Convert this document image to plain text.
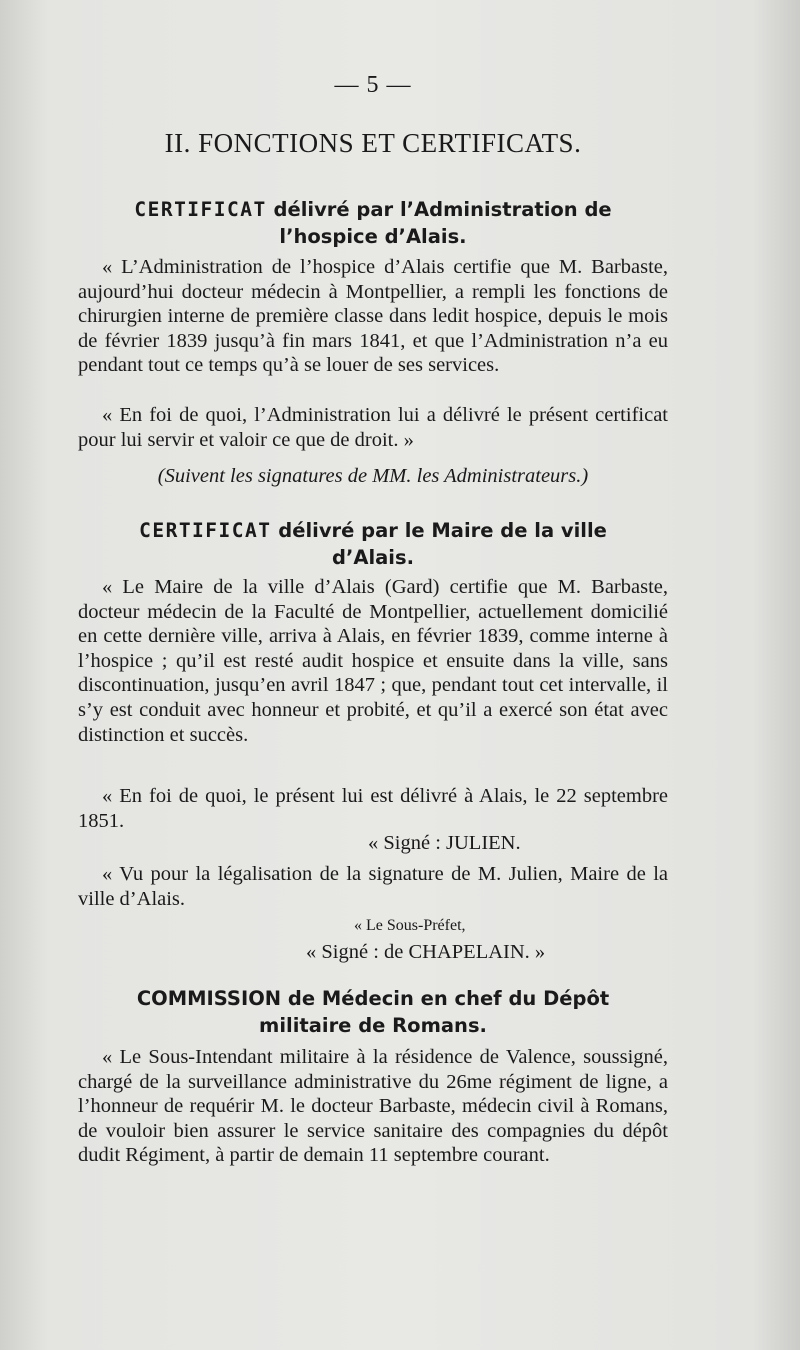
— 5 —
II. FONCTIONS ET CERTIFICATS.
CERTIFICAT délivré par l’Administration de
l’hospice d’Alais.

« L’Administration de l’hospice d’Alais certifie que M. Barbaste, aujourd’hui docteur médecin à Montpellier, a rempli les fonctions de chirurgien interne de première classe dans ledit hospice, depuis le mois de février 1839 jusqu’à fin mars 1841, et que l’Administration n’a eu pendant tout ce temps qu’à se louer de ses services.

« En foi de quoi, l’Administration lui a délivré le présent certificat pour lui servir et valoir ce que de droit. »

(Suivent les signatures de MM. les Administrateurs.)

CERTIFICAT délivré par le Maire de la ville
d’Alais.

« Le Maire de la ville d’Alais (Gard) certifie que M. Barbaste, docteur médecin de la Faculté de Montpellier, actuellement domicilié en cette dernière ville, arriva à Alais, en février 1839, comme interne à l’hospice ; qu’il est resté audit hospice et ensuite dans la ville, sans discontinuation, jusqu’en avril 1847 ; que, pendant tout cet intervalle, il s’y est conduit avec honneur et probité, et qu’il a exercé son état avec distinction et succès.

« En foi de quoi, le présent lui est délivré à Alais, le 22 septembre 1851.

« Signé : JULIEN.

« Vu pour la légalisation de la signature de M. Julien, Maire de la ville d’Alais.

« Le Sous-Préfet,
« Signé : de CHAPELAIN. »
COMMISSION de Médecin en chef du Dépôt
militaire de Romans.

« Le Sous-Intendant militaire à la résidence de Valence, soussigné, chargé de la surveillance administrative du 26me régiment de ligne, a l’honneur de requérir M. le docteur Barbaste, médecin civil à Romans, de vouloir bien assurer le service sanitaire des compagnies du dépôt dudit Régiment, à partir de demain 11 septembre courant.
